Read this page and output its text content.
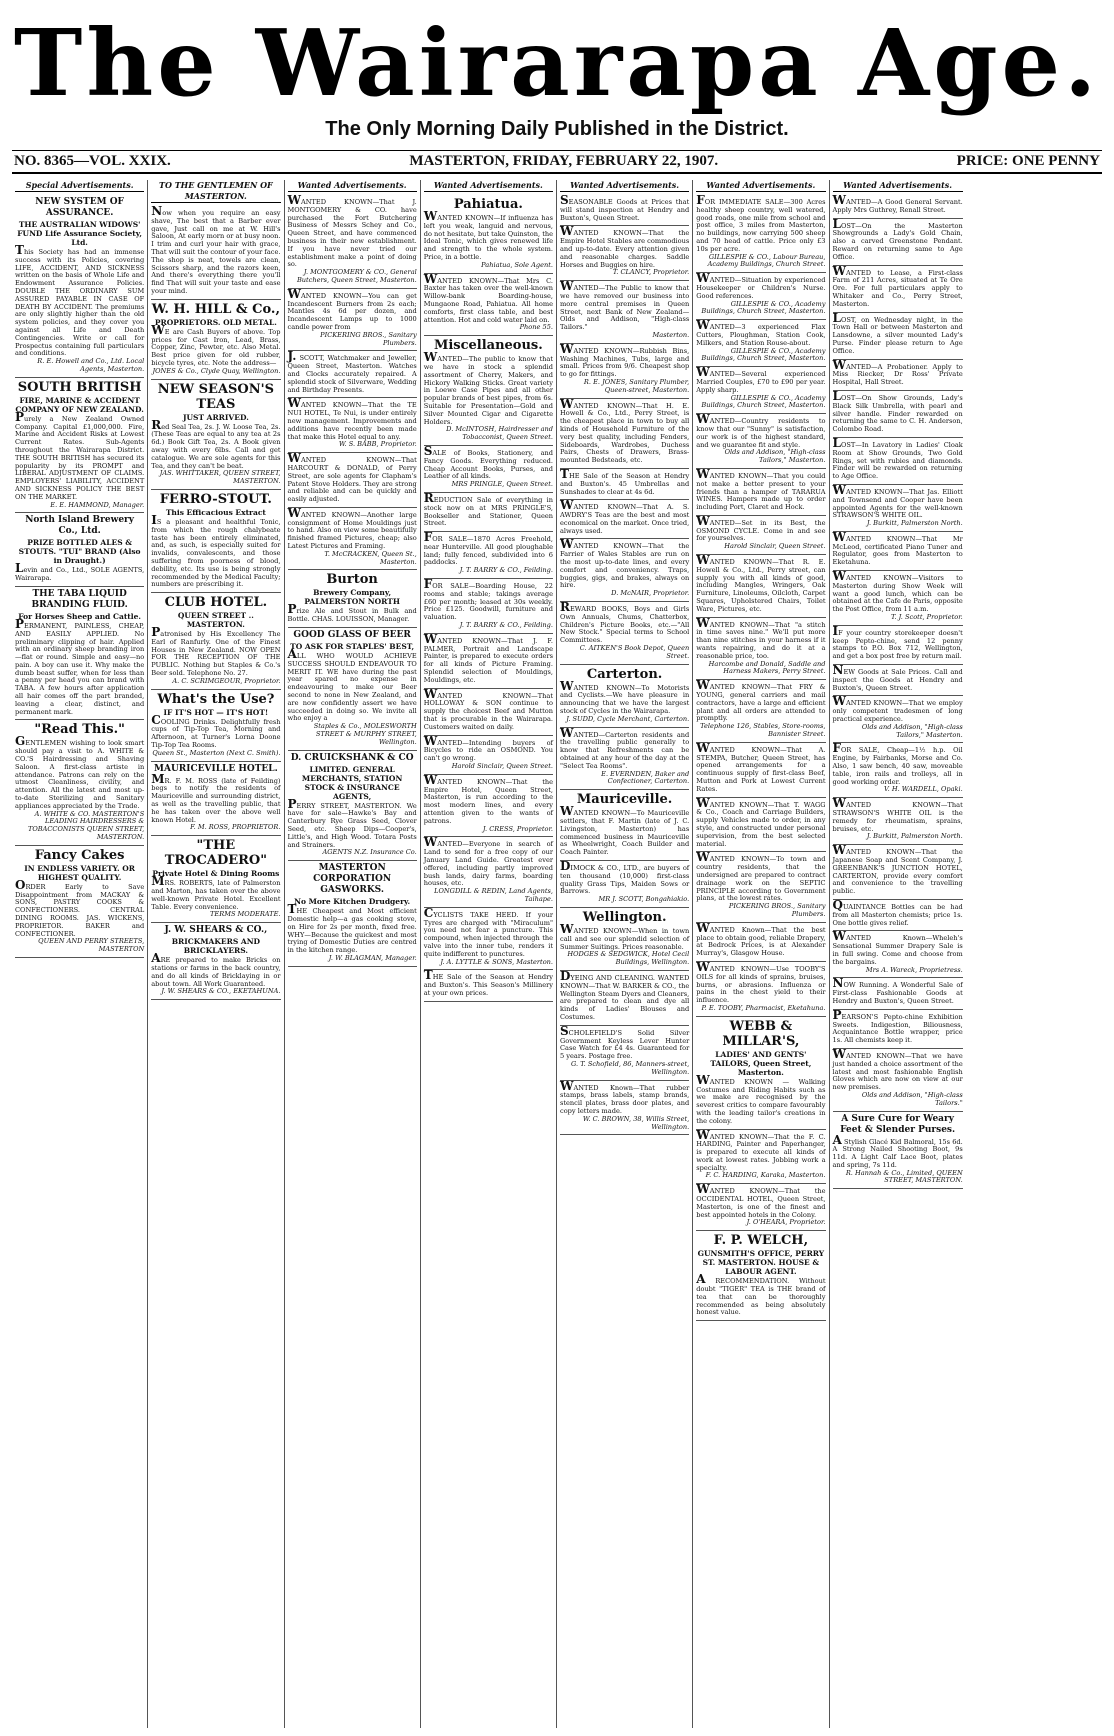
The Wairarapa Age.
The Only Morning Daily Published in the District.
NO. 8365—VOL. XXIX.	MASTERTON, FRIDAY, FEBRUARY 22, 1907.	PRICE: ONE PENNY
Special Advertisements.
NEW SYSTEM OF ASSURANCE.
THE AUSTRALIAN WIDOWS' FUND Life Assurance Society, Ltd.
This Society has had an immense success with its Policies, covering LIFE, ACCIDENT, AND SICKNESS written on the basis of Whole Life and Endowment Assurance Policies. DOUBLE THE ORDINARY SUM ASSURED PAYABLE IN CASE OF DEATH BY ACCIDENT. The premiums are only slightly higher than the old system policies, and they cover you against all Life and Death Contingencies. Write or call for Prospectus containing full particulars and conditions.
R. E. Howell and Co., Ltd. Local Agents, Masterton.
SOUTH BRITISH
FIRE, MARINE & ACCIDENT COMPANY OF NEW ZEALAND.
Purely a New Zealand Owned Company. Capital £1,000,000. Fire, Marine and Accident Risks at Lowest Current Rates. Sub-Agents throughout the Wairarapa District. THE SOUTH BRITISH has secured its popularity by its PROMPT and LIBERAL ADJUSTMENT OF CLAIMS. EMPLOYERS' LIABILITY, ACCIDENT AND SICKNESS POLICY THE BEST ON THE MARKET.
E. E. HAMMOND, Manager.
North Island Brewery Co., Ltd.
PRIZE BOTTLED ALES & STOUTS. "TUI" BRAND (Also in Draught.)
Levin and Co., Ltd., SOLE AGENTS, Wairarapa.
THE TABA LIQUID BRANDING FLUID.
For Horses Sheep and Cattle.
PERMANENT, PAINLESS, CHEAP, AND EASILY APPLIED. No preliminary clipping of hair. Applied with an ordinary sheep branding iron—flat or round. Simple and easy—no pain. A boy can use it. Why make the dumb beast suffer, when for less than a penny per head you can brand with TABA. A few hours after application all hair comes off the part branded, leaving a clear, distinct, and permanent mark.
"Read This."
GENTLEMEN wishing to look smart should pay a visit to A. WHITE & CO.'S Hairdressing and Shaving Saloon. A first-class artiste in attendance. Patrons can rely on the utmost Cleanliness, civility, and attention. All the latest and most up-to-date Sterilizing and Sanitary appliances appreciated by the Trade.
A. WHITE & CO. MASTERTON'S LEADING HAIRDRESSERS & TOBACCONISTS QUEEN STREET, MASTERTON.
Fancy Cakes
IN ENDLESS VARIETY. OR HIGHEST QUALITY.
ORDER Early to Save Disappointment from MACKAY & SONS, PASTRY COOKS & CONFECTIONERS. CENTRAL DINING ROOMS. JAS. WICKENS, PROPRIETOR. BAKER and CONFECTIONER.
QUEEN AND PERRY STREETS, MASTERTON
TO THE GENTLEMEN OF MASTERTON.
Now when you require an easy shave, The best that a Barber ever gave, Just call on me at W. Hill's Saloon, At early morn or at busy noon. I trim and curl your hair with grace, That will suit the contour of your face. The shop is neat, towels are clean, Scissors sharp, and the razors keen, And there's everything there you'll find That will suit your taste and ease your mind.
W. H. HILL & Co.,
PROPRIETORS. OLD METAL.
WE are Cash Buyers of above. Top prices for Cast Iron, Lead, Brass, Copper, Zinc, Pewter, etc. Also Metal. Best price given for old rubber, bicycle tyres, etc. Note the address—
JONES & Co., Clyde Quay, Wellington.
NEW SEASON'S TEAS
JUST ARRIVED.
Red Seal Tea, 2s. J. W. Loose Tea, 2s. (These Teas are equal to any tea at 2s 6d.) Book Gift Tea, 2s. A Book given away with every 6lbs. Call and get catalogue. We are sole agents for this Tea, and they can't be beat.
JAS. WHITTAKER, QUEEN STREET, MASTERTON.
FERRO-STOUT.
This Efficacious Extract
IS a pleasant and healthful Tonic, from which the rough chalybeate taste has been entirely eliminated, and, as such, is especially suited for invalids, convalescents, and those suffering from poorness of blood, debility, etc. Its use is being strongly recommended by the Medical Faculty; numbers are prescribing it.
CLUB HOTEL.
QUEEN STREET .. MASTERTON.
Patronised by His Excellency The Earl of Ranfurly. One of the Finest Houses in New Zealand. NOW OPEN FOR THE RECEPTION OF THE PUBLIC. Nothing but Staples & Co.'s Beer sold. Telephone No. 27.
A. C. SCRIMGEOUR, Proprietor.
What's the Use?
IF IT'S HOT — IT'S HOT!
COOLING Drinks. Delightfully fresh cups of Tip-Top Tea, Morning and Afternoon, at Turner's Lorna Doone Tip-Top Tea Rooms.
Queen St., Masterton (Next C. Smith).
MAURICEVILLE HOTEL.
MR. F. M. ROSS (late of Feilding) begs to notify the residents of Mauriceville and surrounding district, as well as the travelling public, that he has taken over the above well known Hotel.
F. M. ROSS, PROPRIETOR.
"THE TROCADERO"
Private Hotel & Dining Rooms
MRS. ROBERTS, late of Palmerston and Marton, has taken over the above well-known Private Hotel. Excellent Table. Every convenience.
TERMS MODERATE.
J. W. SHEARS & CO.,
BRICKMAKERS AND BRICKLAYERS.
ARE prepared to make Bricks on stations or farms in the back country, and do all kinds of Bricklaying in or about town. All Work Guaranteed.
J. W. SHEARS & CO., EKETAHUNA.
Wanted Advertisements.
WANTED KNOWN—That J. MONTGOMERY & CO. have purchased the Fort Butchering Business of Messrs Schey and Co., Queen Street, and have commenced business in their new establishment. If you have never tried our establishment make a point of doing so.
J. MONTGOMERY & CO., General Butchers, Queen Street, Masterton.
WANTED KNOWN—You can get Incandescent Burners from 2s each; Mantles 4s 6d per dozen, and Incandescent Lamps up to 1000 candle power from
PICKERING BROS., Sanitary Plumbers.
J. SCOTT, Watchmaker and Jeweller, Queen Street, Masterton. Watches and Clocks accurately repaired. A splendid stock of Silverware, Wedding and Birthday Presents.
WANTED KNOWN—That the TE NUI HOTEL, Te Nui, is under entirely new management. Improvements and additions have recently been made that make this Hotel equal to any.
W. S. BABB, Proprietor.
WANTED KNOWN—That HARCOURT & DONALD, of Perry Street, are sole agents for Clapham's Patent Stove Holders. They are strong and reliable and can be quickly and easily adjusted.
WANTED KNOWN—Another large consignment of Home Mouldings just to hand. Also on view some beautifully finished framed Pictures, cheap; also Latest Pictures and Framing.
T. McCRACKEN, Queen St., Masterton.
Burton
Brewery Company, PALMERSTON NORTH
Prize Ale and Stout in Bulk and Bottle. CHAS. LOUISSON, Manager.
GOOD GLASS OF BEER
TO ASK FOR STAPLES' BEST,
ALL WHO WOULD ACHIEVE SUCCESS SHOULD ENDEAVOUR TO MERIT IT. WE have during the past year spared no expense in endeavouring to make our Beer second to none in New Zealand, and are now confidently assert we have succeeded in doing so. We invite all who enjoy a
Staples & Co., MOLESWORTH STREET & MURPHY STREET, Wellington.
D. CRUICKSHANK & CO
LIMITED. GENERAL MERCHANTS, STATION STOCK & INSURANCE AGENTS,
PERRY STREET, MASTERTON. We have for sale—Hawke's Bay and Canterbury Rye Grass Seed, Clover Seed, etc. Sheep Dips—Cooper's, Little's, and High Wood. Totara Posts and Strainers.
AGENTS N.Z. Insurance Co.
MASTERTON CORPORATION GASWORKS.
No More Kitchen Drudgery.
THE Cheapest and Most efficient Domestic help—a gas cooking stove, on Hire for 2s per month, fixed free. WHY—Because the quickest and most trying of Domestic Duties are centred in the kitchen range.
J. W. BLAGMAN, Manager.
Wanted Advertisements.
Pahiatua.
WANTED KNOWN—If influenza has left you weak, languid and nervous, do not hesitate, but take Quinston, the Ideal Tonic, which gives renewed life and strength to the whole system. Price, in a bottle.
Pahiatua, Sole Agent.
WANTED KNOWN—That Mrs C. Baxter has taken over the well-known Willow-bank Boarding-house, Mungaone Road, Pahiatua. All home comforts, first class table, and best attention. Hot and cold water laid on.
Phone 55.
Miscellaneous.
WANTED—The public to know that we have in stock a splendid assortment of Cherry, Makers, and Hickory Walking Sticks. Great variety in Loewe Case Pipes and all other popular brands of best pipes, from 6s. Suitable for Presentation—Gold and Silver Mounted Cigar and Cigarette Holders.
D. McINTOSH, Hairdresser and Tobacconist, Queen Street.
SALE of Books, Stationery, and Fancy Goods. Everything reduced. Cheap Account Books, Purses, and Leather of all kinds.
MRS PRINGLE, Queen Street.
REDUCTION Sale of everything in stock now on at MRS PRINGLE'S, Bookseller and Stationer, Queen Street.
FOR SALE—1870 Acres Freehold, near Hunterville. All good ploughable land; fully fenced, subdivided into 6 paddocks.
J. T. BARRY & CO., Feilding.
FOR SALE—Boarding House, 22 rooms and stable; takings average £60 per month; leased at 30s weekly. Price £125. Goodwill, furniture and valuation.
J. T. BARRY & CO., Feilding.
WANTED KNOWN—That J. F. PALMER, Portrait and Landscape Painter, is prepared to execute orders for all kinds of Picture Framing. Splendid selection of Mouldings, Mouldings, etc.
WANTED KNOWN—That HOLLOWAY & SON continue to supply the choicest Beef and Mutton that is procurable in the Wairarapa. Customers waited on daily.
WANTED—Intending buyers of Bicycles to ride an OSMOND. You can't go wrong.
Harold Sinclair, Queen Street.
WANTED KNOWN—That the Empire Hotel, Queen Street, Masterton, is run according to the most modern lines, and every attention given to the wants of patrons.
J. CRESS, Proprietor.
WANTED—Everyone in search of Land to send for a free copy of our January Land Guide. Greatest ever offered, including partly improved bush lands, dairy farms, boarding houses, etc.
LONGDILL & REDIN, Land Agents, Taihape.
CYCLISTS TAKE HEED. If your Tyres are charged with "Miraculum" you need not fear a puncture. This compound, when injected through the valve into the inner tube, renders it quite indifferent to punctures.
J. A. LYTTLE & SONS, Masterton.
THE Sale of the Season at Hendry and Buxton's. This Season's Millinery at your own prices.
Wanted Advertisements.
SEASONABLE Goods at Prices that will stand inspection at Hendry and Buxton's, Queen Street.
WANTED KNOWN—That the Empire Hotel Stables are commodious and up-to-date. Every attention given and reasonable charges. Saddle Horses and Buggies on hire.
T. CLANCY, Proprietor.
WANTED—The Public to know that we have removed our business into more central premises in Queen Street, next Bank of New Zealand—Olds and Addison, "High-class Tailors."
Masterton.
WANTED KNOWN—Rubbish Bins, Washing Machines, Tubs, large and small. Prices from 9/6. Cheapest shop to go for fittings.
R. E. JONES, Sanitary Plumber, Queen-street, Masterton.
WANTED KNOWN—That H. E. Howell & Co., Ltd., Perry Street, is the cheapest place in town to buy all kinds of Household Furniture of the very best quality, including Fenders, Sideboards, Wardrobes, Duchess Pairs, Chests of Drawers, Brass-mounted Bedsteads, etc.
THE Sale of the Season at Hendry and Buxton's. 45 Umbrellas and Sunshades to clear at 4s 6d.
WANTED KNOWN—That A. S. AWDRY'S Teas are the best and most economical on the market. Once tried, always used.
WANTED KNOWN—That the Farrier of Wales Stables are run on the most up-to-date lines, and every comfort and conveniency. Traps, buggies, gigs, and brakes, always on hire.
D. McNAIR, Proprietor.
REWARD BOOKS, Boys and Girls Own Annuals, Chums, Chatterbox, Children's Picture Books, etc.—"All New Stock." Special terms to School Committees.
C. AITKEN'S Book Depot, Queen Street.
Carterton.
WANTED KNOWN—To Motorists and Cyclists.—We have pleasure in announcing that we have the largest stock of Cycles in the Wairarapa.
J. SUDD, Cycle Merchant, Carterton.
WANTED—Carterton residents and the travelling public generally to know that Refreshments can be obtained at any hour of the day at the "Select Tea Rooms".
E. EVERNDEN, Baker and Confectioner, Carterton.
Mauriceville.
WANTED KNOWN—To Mauriceville settlers, that F. Martin (late of J. C. Livingston, Masterton) has commenced business in Mauriceville as Wheelwright, Coach Builder and Coach Painter.
DIMOCK & CO., LTD., are buyers of ten thousand (10,000) first-class quality Grass Tips, Maiden Sows or Barrows.
MR J. SCOTT, Bongahiakio.
Wellington.
WANTED KNOWN—When in town call and see our splendid selection of Summer Suitings. Prices reasonable.
HODGES & SEDGWICK, Hotel Cecil Buildings, Wellington.
DYEING AND CLEANING. WANTED KNOWN—That W. BARKER & CO., the Wellington Steam Dyers and Cleaners, are prepared to clean and dye all kinds of Ladies' Blouses and Costumes.
SCHOLEFIELD'S Solid Silver Government Keyless Lever Hunter Case Watch for £4 4s. Guaranteed for 5 years. Postage free.
G. T. Schofield, 86, Manners-street, Wellington.
WANTED Known—That rubber stamps, brass labels, stamp brands, stencil plates, brass door plates, and copy letters made.
W. C. BROWN, 38, Willis Street, Wellington.
Wanted Advertisements.
FOR IMMEDIATE SALE—300 Acres healthy sheep country, well watered, good roads, one mile from school and post office, 3 miles from Masterton, no buildings, now carrying 500 sheep and 70 head of cattle. Price only £3 10s per acre.
GILLESPIE & CO., Labour Bureau, Academy Buildings, Church Street.
WANTED—Situation by experienced Housekeeper or Children's Nurse. Good references.
GILLESPIE & CO., Academy Buildings, Church Street, Masterton.
WANTED—3 experienced Flax Cutters, Ploughman, Station Cook, Milkers, and Station Rouse-about.
GILLESPIE & CO., Academy Buildings, Church Street, Masterton.
WANTED—Several experienced Married Couples, £70 to £90 per year. Apply sharp.
GILLESPIE & CO., Academy Buildings, Church Street, Masterton.
WANTED—Country residents to know that our "Sunny" is satisfaction, our work is of the highest standard, and we guarantee fit and style.
Olds and Addison, "High-class Tailors," Masterton.
WANTED KNOWN—That you could not make a better present to your friends than a hamper of TARARUA WINES. Hampers made up to order including Port, Claret and Hock.
WANTED—Set in its Best, the OSMOND CYCLE. Come in and see for yourselves.
Harold Sinclair, Queen Street.
WANTED KNOWN—That R. E. Howell & Co., Ltd., Perry street, can supply you with all kinds of good, including Mangles, Wringers, Oak Furniture, Linoleums, Oilcloth, Carpet Squares, Upholstered Chairs, Toilet Ware, Pictures, etc.
WANTED KNOWN—That "a stitch in time saves nine." We'll put more than nine stitches in your harness if it wants repairing, and do it at a reasonable price, too.
Harcombe and Donald, Saddle and Harness Makers, Perry Street.
WANTED KNOWN—That FRY & YOUNG, general carriers and mail contractors, have a large and efficient plant and all orders are attended to promptly.
Telephone 126, Stables, Store-rooms, Bannister Street.
WANTED KNOWN—That A. STEMPA, Butcher, Queen Street, has opened arrangements for a continuous supply of first-class Beef, Mutton and Pork at Lowest Current Rates.
WANTED KNOWN—That T. WAGG & Co., Coach and Carriage Builders, supply Vehicles made to order, in any style, and constructed under personal supervision, from the best selected material.
WANTED KNOWN—To town and country residents, that the undersigned are prepared to contract drainage work on the SEPTIC PRINCIPLE according to Government plans, at the lowest rates.
PICKERING BROS., Sanitary Plumbers.
WANTED Known—That the best place to obtain good, reliable Drapery, at Bedrock Prices, is at Alexander Murray's, Glasgow House.
WANTED KNOWN—Use TOOBY'S OILS for all kinds of sprains, bruises, burns, or abrasions. Influenza or pains in the chest yield to their influence.
P. E. TOOBY, Pharmacist, Eketahuna.
WEBB & MILLAR'S,
LADIES' AND GENTS' TAILORS, Queen Street, Masterton.
WANTED KNOWN — Walking Costumes and Riding Habits such as we make are recognised by the severest critics to compare favourably with the leading tailor's creations in the colony.
WANTED KNOWN—That the F. C. HARDING, Painter and Paperhanger, is prepared to execute all kinds of work at lowest rates. Jobbing work a specialty.
F. C. HARDING, Karaka, Masterton.
WANTED KNOWN—That the OCCIDENTAL HOTEL, Queen Street, Masterton, is one of the finest and best appointed hotels in the Colony.
J. O'HEARA, Proprietor.
F. P. WELCH,
GUNSMITH'S OFFICE, PERRY ST. MASTERTON. HOUSE & LABOUR AGENT.
A RECOMMENDATION. Without doubt "TIGER" TEA is THE brand of tea that can be thoroughly recommended as being absolutely honest value.
Wanted Advertisements.
WANTED—A Good General Servant. Apply Mrs Guthrey, Renall Street.
LOST—On the Masterton Showgrounds a Lady's Gold Chain, also a carved Greenstone Pendant. Reward on returning same to Age Office.
WANTED to Lease, a First-class Farm of 211 Acres, situated at Te Ore Ore. For full particulars apply to Whitaker and Co., Perry Street, Masterton.
LOST, on Wednesday night, in the Town Hall or between Masterton and Lansdowne, a silver mounted Lady's Purse. Finder please return to Age Office.
WANTED—A Probationer. Apply to Miss Riecker, Dr Ross' Private Hospital, Hall Street.
LOST—On Show Grounds, Lady's Black Silk Umbrella, with pearl and silver handle. Finder rewarded on returning the same to C. H. Anderson, Colombo Road.
LOST—In Lavatory in Ladies' Cloak Room at Show Grounds, Two Gold Rings, set with rubies and diamonds. Finder will be rewarded on returning to Age Office.
WANTED KNOWN—That Jas. Elliott and Townsend and Cooper have been appointed Agents for the well-known STRAWSON'S WHITE OIL.
J. Burkitt, Palmerston North.
WANTED KNOWN—That Mr McLeod, certificated Piano Tuner and Regulator, goes from Masterton to Eketahuna.
WANTED KNOWN—Visitors to Masterton during Show Week will want a good lunch, which can be obtained at the Cafe de Paris, opposite the Post Office, from 11 a.m.
T. J. Scott, Proprietor.
IF your country storekeeper doesn't keep Pepto-chine, send 12 penny stamps to P.O. Box 712, Wellington, and get a box post free by return mail.
NEW Goods at Sale Prices. Call and inspect the Goods at Hendry and Buxton's, Queen Street.
WANTED KNOWN—That we employ only competent tradesmen of long practical experience.
Olds and Addison, "High-class Tailors," Masterton.
FOR SALE, Cheap—1½ h.p. Oil Engine, by Fairbanks, Morse and Co. Also, 1 saw bench, 40 saw, moveable table, iron rails and trolleys, all in good working order.
V. H. WARDELL, Opaki.
WANTED KNOWN—That STRAWSON'S WHITE OIL is the remedy for rheumatism, sprains, bruises, etc.
J. Burkitt, Palmerston North.
WANTED KNOWN—That the Japanese Soap and Scent Company, J. GREENBANK'S JUNCTION HOTEL, CARTERTON, provide every comfort and convenience to the travelling public.
QUAINTANCE Bottles can be had from all Masterton chemists; price 1s. One bottle gives relief.
WANTED Known—Wheleh's Sensational Summer Drapery Sale is in full swing. Come and choose from the bargains.
Mrs A. Wareck, Proprietress.
NOW Running. A Wonderful Sale of First-class Fashionable Goods at Hendry and Buxton's, Queen Street.
PEARSON'S Pepto-chine Exhibition Sweets. Indigestion, Biliousness, Acquaintance Bottle wrapper, price 1s. All chemists keep it.
WANTED KNOWN—That we have just handed a choice assortment of the latest and most fashionable English Gloves which are now on view at our new premises.
Olds and Addison, "High-class Tailors."
A Sure Cure for Weary Feet & Slender Purses.
A Stylish Glacé Kid Balmoral, 15s 6d. A Strong Nailed Shooting Boot, 9s 11d. A Light Calf Lace Boot, plates and spring, 7s 11d.
R. Hannah & Co., Limited, QUEEN STREET, MASTERTON.
